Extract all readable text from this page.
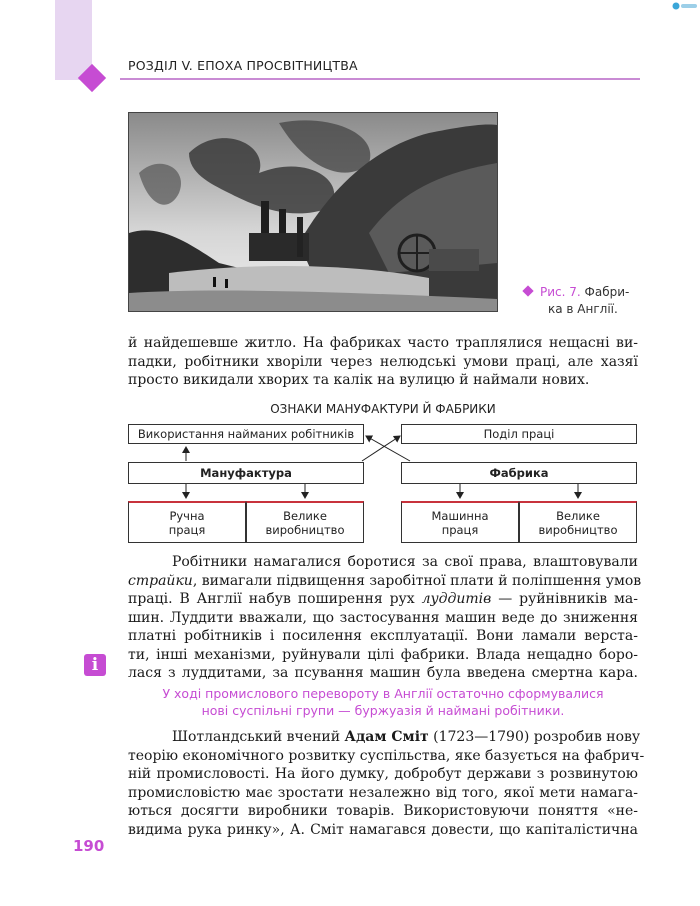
РОЗДІЛ V. ЕПОХА ПРОСВІТНИЦТВА
Рис. 7. Фабри-
ка в Англії.
й найдешевше житло. На фабриках часто траплялися нещасні ви-
падки, робітники хворіли через нелюдські умови праці, але хазяї
просто викидали хворих та калік на вулицю й наймали нових.
ОЗНАКИ МАНУФАКТУРИ Й ФАБРИКИ
Використання найманих робітників	Поділ праці
Мануфактура	Фабрика
Ручна
праця
Велике
виробництво
Машинна
праця
Велике
виробництво
Робітники намагалися боротися за свої права, влаштовували
страйки, вимагали підвищення заробітної плати й поліпшення умов
праці. В Англії набув поширення рух луддитів — руйнівників ма-
шин. Луддити вважали, що застосування машин веде до зниження
платні робітників і посилення експлуатації. Вони ламали верста-
ти, інші механізми, руйнували цілі фабрики. Влада нещадно боро-
лася з луддитами, за псування машин була введена смертна кара.
i
У ході промислового перевороту в Англії остаточно сформувалися
нові суспільні групи — буржуазія й наймані робітники.
Шотландський вчений Адам Сміт (1723—1790) розробив нову
теорію економічного розвитку суспільства, яке базується на фабрич-
ній промисловості. На його думку, добробут держави з розвинутою
промисловістю має зростати незалежно від того, якої мети намага-
ються досягти виробники товарів. Використовуючи поняття «не-
видима рука ринку», А. Сміт намагався довести, що капіталістична
190
